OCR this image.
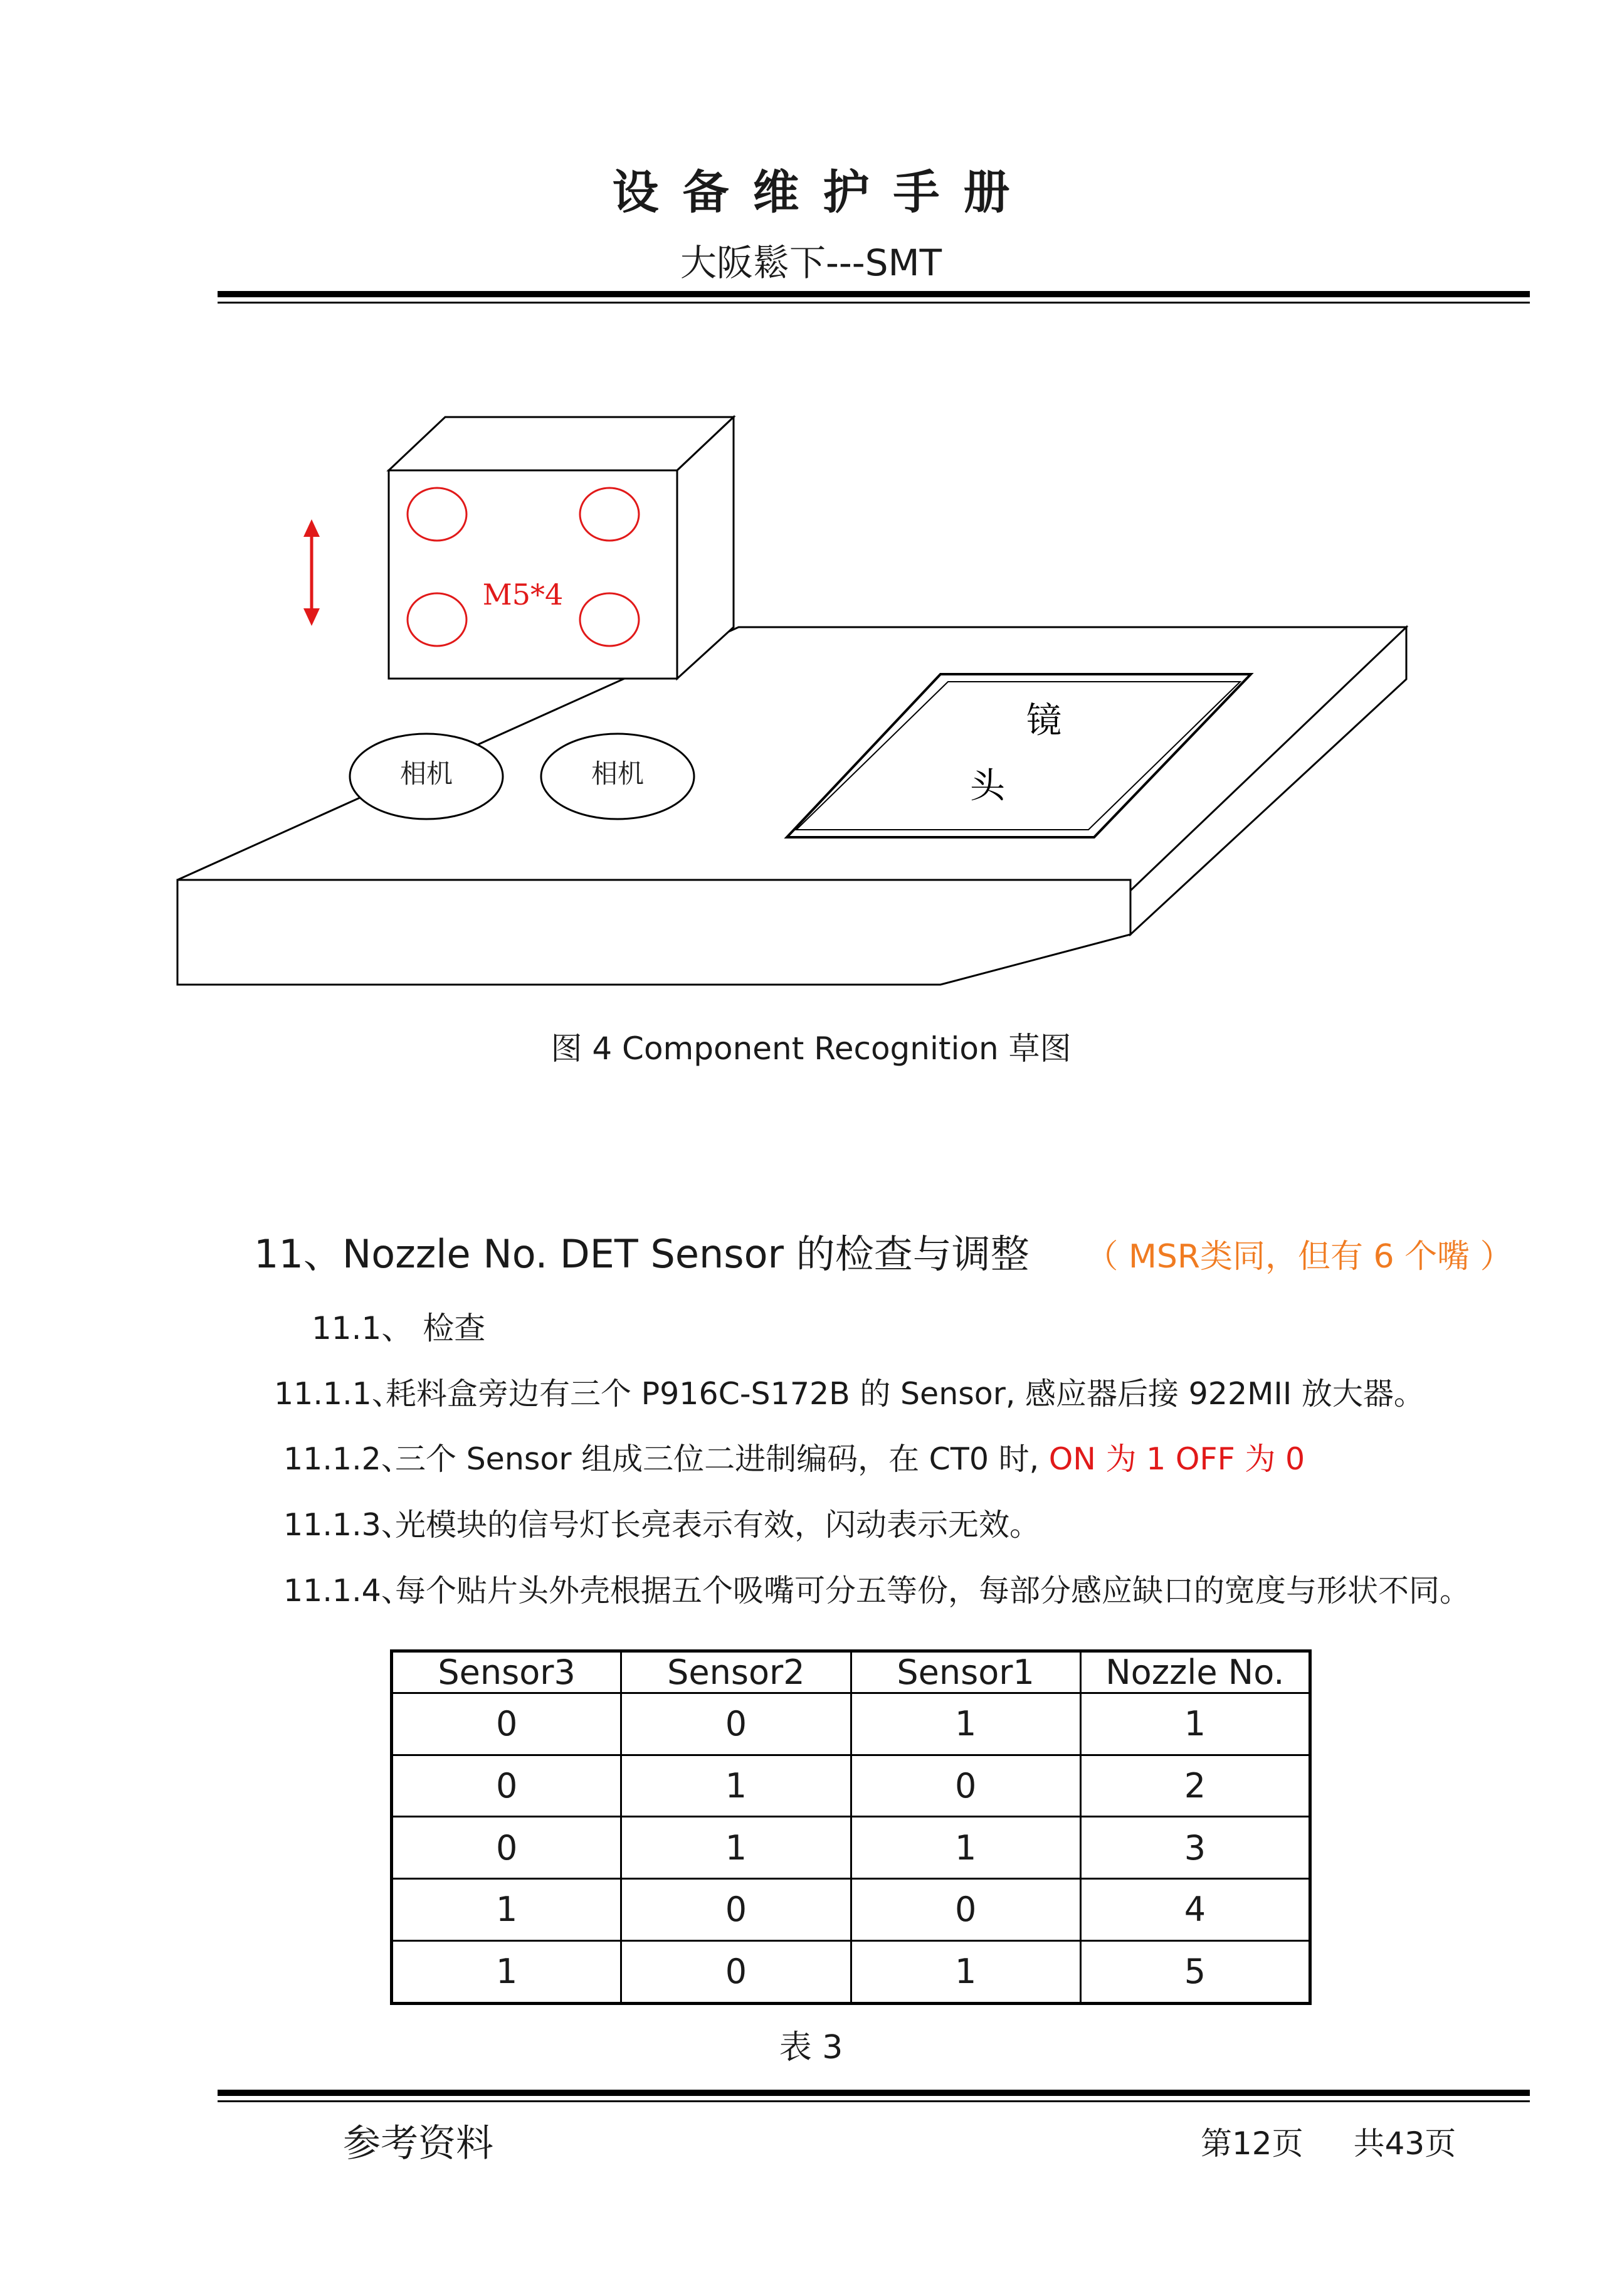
设备维护手册
大阪鬆下---SMT
M5*4
相机	相机
镜
头
图 4 Component Recognition 草图
11、Nozzle No. DET Sensor 的检查与调整 （ MSR类同，但有 6 个嘴 ）
11.1、 检查
11.1.1、耗料盒旁边有三个 P916C-S172B 的 Sensor, 感应器后接 922MII 放大器。
11.1.2、三个 Sensor 组成三位二进制编码，在 CT0 时, ON 为 1 OFF 为 0
11.1.3、光模块的信号灯长亮表示有效，闪动表示无效。
11.1.4、每个贴片头外壳根据五个吸嘴可分五等份，每部分感应缺口的宽度与形状不同。
Sensor3	Sensor2	Sensor1	Nozzle No.
0	0	1	1
0	1	0	2
0	1	1	3
1	0	0	4
1	0	1	5
表 3
参考资料	第12页 共43页
